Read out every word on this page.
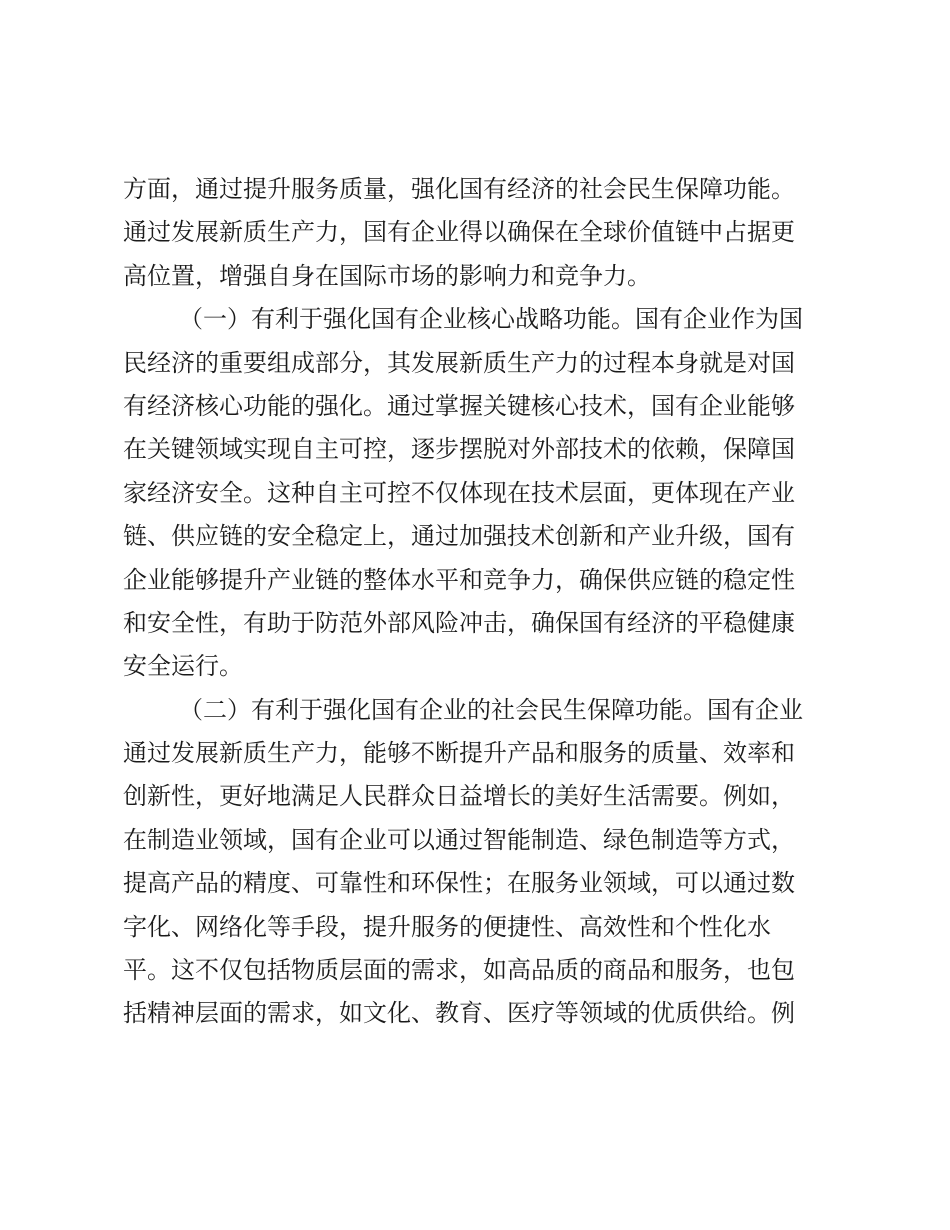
方面，通过提升服务质量，强化国有经济的社会民生保障功能。
通过发展新质生产力，国有企业得以确保在全球价值链中占据更
高位置，增强自身在国际市场的影响力和竞争力。
（一）有利于强化国有企业核心战略功能。国有企业作为国
民经济的重要组成部分，其发展新质生产力的过程本身就是对国
有经济核心功能的强化。通过掌握关键核心技术，国有企业能够
在关键领域实现自主可控，逐步摆脱对外部技术的依赖，保障国
家经济安全。这种自主可控不仅体现在技术层面，更体现在产业
链、供应链的安全稳定上，通过加强技术创新和产业升级，国有
企业能够提升产业链的整体水平和竞争力，确保供应链的稳定性
和安全性，有助于防范外部风险冲击，确保国有经济的平稳健康
安全运行。
（二）有利于强化国有企业的社会民生保障功能。国有企业
通过发展新质生产力，能够不断提升产品和服务的质量、效率和
创新性，更好地满足人民群众日益增长的美好生活需要。例如，
在制造业领域，国有企业可以通过智能制造、绿色制造等方式，
提高产品的精度、可靠性和环保性；在服务业领域，可以通过数
字化、网络化等手段，提升服务的便捷性、高效性和个性化水
平。这不仅包括物质层面的需求，如高品质的商品和服务，也包
括精神层面的需求，如文化、教育、医疗等领域的优质供给。例
